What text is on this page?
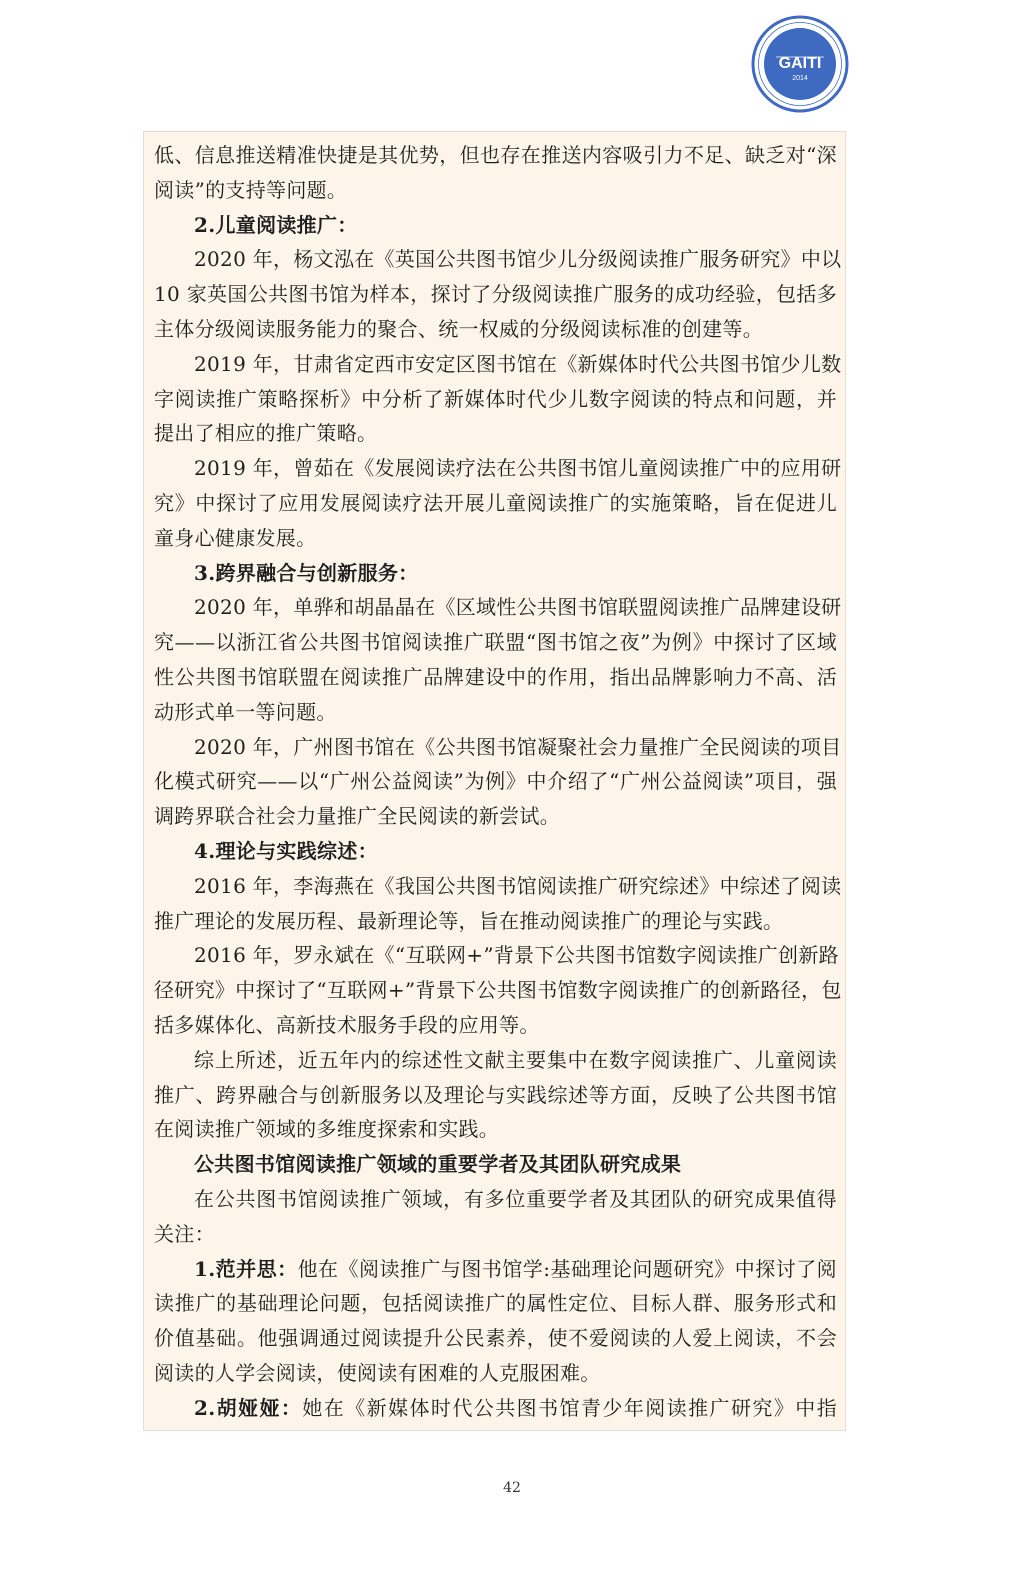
GAITI
2014
低、信息推送精准快捷是其优势，但也存在推送内容吸引力不足、缺乏对“深
阅读”的支持等问题。
2.儿童阅读推广：
2020 年，杨文泓在《英国公共图书馆少儿分级阅读推广服务研究》中以
10 家英国公共图书馆为样本，探讨了分级阅读推广服务的成功经验，包括多
主体分级阅读服务能力的聚合、统一权威的分级阅读标准的创建等。
2019 年，甘肃省定西市安定区图书馆在《新媒体时代公共图书馆少儿数
字阅读推广策略探析》中分析了新媒体时代少儿数字阅读的特点和问题，并
提出了相应的推广策略。
2019 年，曾茹在《发展阅读疗法在公共图书馆儿童阅读推广中的应用研
究》中探讨了应用发展阅读疗法开展儿童阅读推广的实施策略，旨在促进儿
童身心健康发展。
3.跨界融合与创新服务：
2020 年，单骅和胡晶晶在《区域性公共图书馆联盟阅读推广品牌建设研
究——以浙江省公共图书馆阅读推广联盟“图书馆之夜”为例》中探讨了区域
性公共图书馆联盟在阅读推广品牌建设中的作用，指出品牌影响力不高、活
动形式单一等问题。
2020 年，广州图书馆在《公共图书馆凝聚社会力量推广全民阅读的项目
化模式研究——以“广州公益阅读”为例》中介绍了“广州公益阅读”项目，强
调跨界联合社会力量推广全民阅读的新尝试。
4.理论与实践综述：
2016 年，李海燕在《我国公共图书馆阅读推广研究综述》中综述了阅读
推广理论的发展历程、最新理论等，旨在推动阅读推广的理论与实践。
2016 年，罗永斌在《“互联网+”背景下公共图书馆数字阅读推广创新路
径研究》中探讨了“互联网+”背景下公共图书馆数字阅读推广的创新路径，包
括多媒体化、高新技术服务手段的应用等。
综上所述，近五年内的综述性文献主要集中在数字阅读推广、儿童阅读
推广、跨界融合与创新服务以及理论与实践综述等方面，反映了公共图书馆
在阅读推广领域的多维度探索和实践。
公共图书馆阅读推广领域的重要学者及其团队研究成果
在公共图书馆阅读推广领域，有多位重要学者及其团队的研究成果值得
关注：
1.范并思：他在《阅读推广与图书馆学:基础理论问题研究》中探讨了阅
读推广的基础理论问题，包括阅读推广的属性定位、目标人群、服务形式和
价值基础。他强调通过阅读提升公民素养，使不爱阅读的人爱上阅读，不会
阅读的人学会阅读，使阅读有困难的人克服困难。
2.胡娅娅：她在《新媒体时代公共图书馆青少年阅读推广研究》中指
42
